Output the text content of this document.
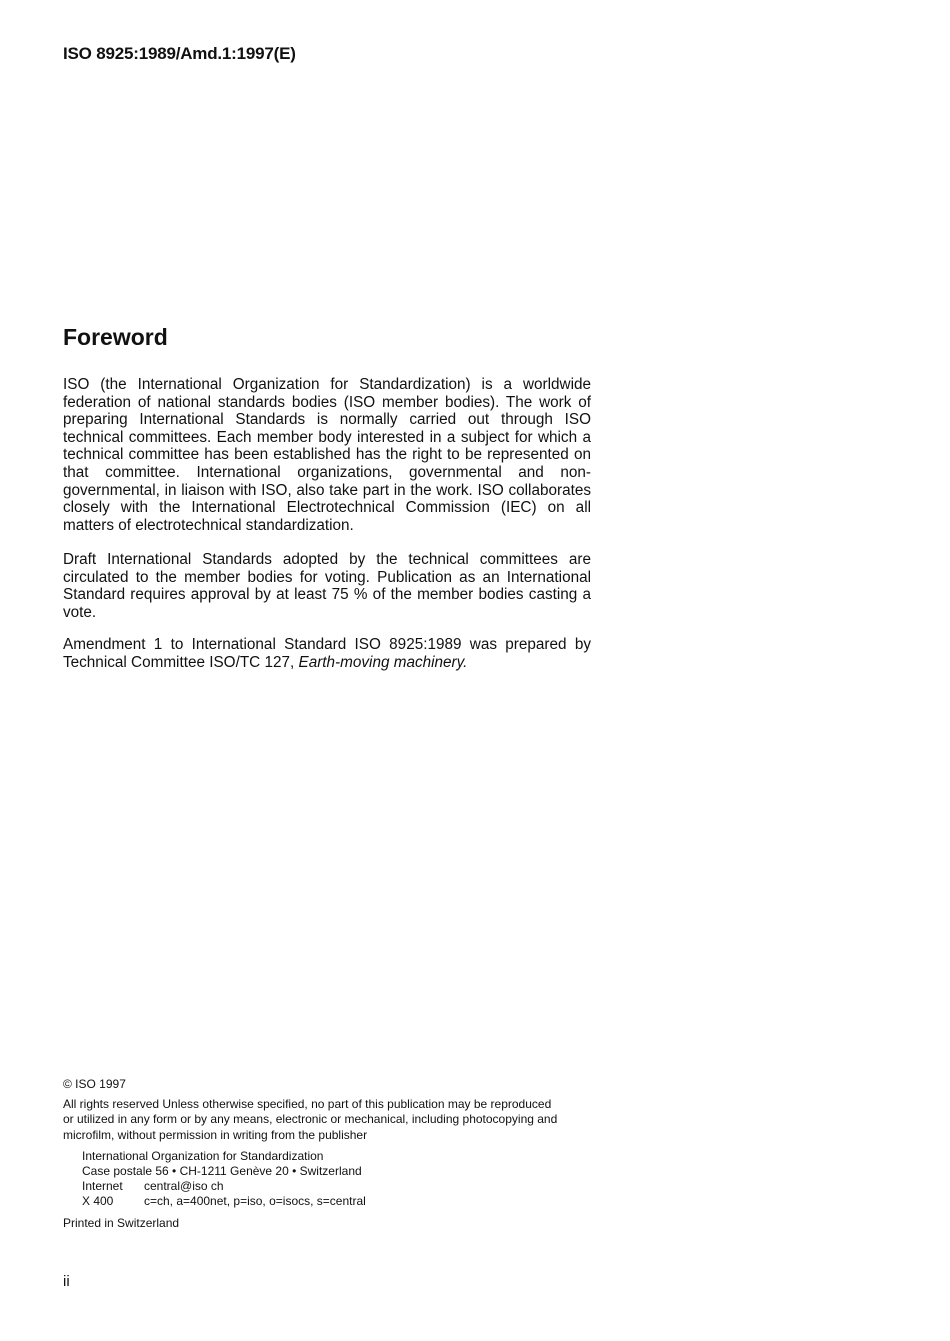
ISO 8925:1989/Amd.1:1997(E)
Foreword

ISO (the International Organization for Standardization) is a worldwide federation of national standards bodies (ISO member bodies). The work of preparing International Standards is normally carried out through ISO technical committees. Each member body interested in a subject for which a technical committee has been established has the right to be represented on that committee. International organizations, governmental and non-governmental, in liaison with ISO, also take part in the work. ISO collaborates closely with the International Electrotechnical Commission (IEC) on all matters of electrotechnical standardization.

Draft International Standards adopted by the technical committees are circulated to the member bodies for voting. Publication as an International Standard requires approval by at least 75 % of the member bodies casting a vote.

Amendment 1 to International Standard ISO 8925:1989 was prepared by Technical Committee ISO/TC 127, Earth-moving machinery.

© ISO 1997

All rights reserved Unless otherwise specified, no part of this publication may be reproduced or utilized in any form or by any means, electronic or mechanical, including photocopying and microfilm, without permission in writing from the publisher

International Organization for Standardization
Case postale 56 • CH-1211 Genève 20 • Switzerland
Internet	central@iso ch
X 400	c=ch, a=400net, p=iso, o=isocs, s=central
Printed in Switzerland
ii
